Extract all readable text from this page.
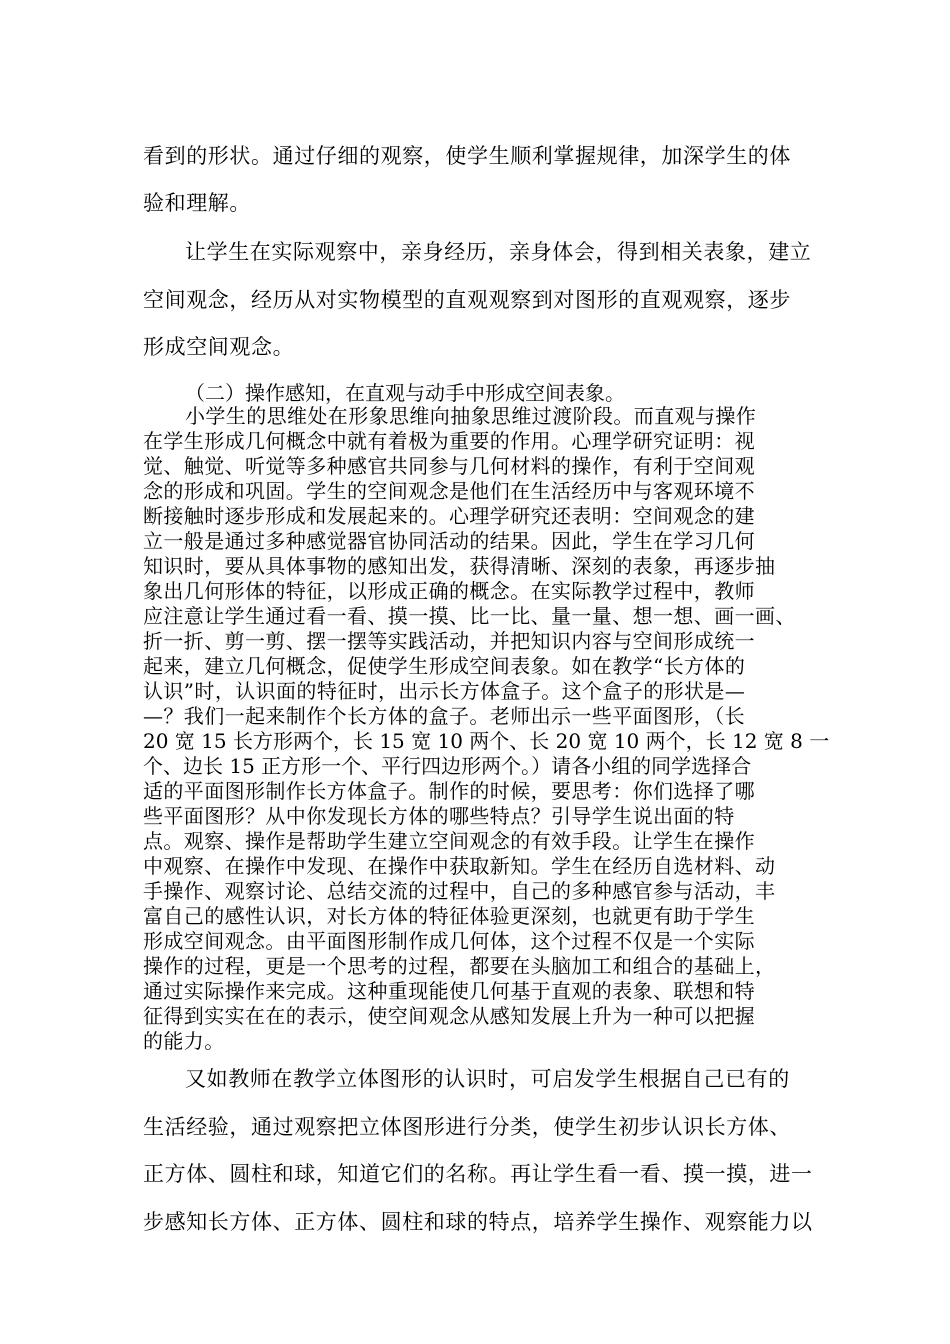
看到的形状。通过仔细的观察，使学生顺利掌握规律，加深学生的体
验和理解。
让学生在实际观察中，亲身经历，亲身体会，得到相关表象，建立
空间观念，经历从对实物模型的直观观察到对图形的直观观察，逐步
形成空间观念。
（二）操作感知，在直观与动手中形成空间表象。
小学生的思维处在形象思维向抽象思维过渡阶段。而直观与操作
在学生形成几何概念中就有着极为重要的作用。心理学研究证明：视
觉、触觉、听觉等多种感官共同参与几何材料的操作，有利于空间观
念的形成和巩固。学生的空间观念是他们在生活经历中与客观环境不
断接触时逐步形成和发展起来的。心理学研究还表明：空间观念的建
立一般是通过多种感觉器官协同活动的结果。因此，学生在学习几何
知识时，要从具体事物的感知出发，获得清晰、深刻的表象，再逐步抽
象出几何形体的特征，以形成正确的概念。在实际教学过程中，教师
应注意让学生通过看一看、摸一摸、比一比、量一量、想一想、画一画、
折一折、剪一剪、摆一摆等实践活动，并把知识内容与空间形成统一
起来，建立几何概念，促使学生形成空间表象。如在教学“长方体的
认识”时，认识面的特征时，出示长方体盒子。这个盒子的形状是—
—？我们一起来制作个长方体的盒子。老师出示一些平面图形，（长
20 宽 15 长方形两个，长 15 宽 10 两个、长 20 宽 10 两个，长 12 宽 8 一
个、边长 15 正方形一个、平行四边形两个。）请各小组的同学选择合
适的平面图形制作长方体盒子。制作的时候，要思考：你们选择了哪
些平面图形？从中你发现长方体的哪些特点？引导学生说出面的特
点。观察、操作是帮助学生建立空间观念的有效手段。让学生在操作
中观察、在操作中发现、在操作中获取新知。学生在经历自选材料、动
手操作、观察讨论、总结交流的过程中，自己的多种感官参与活动，丰
富自己的感性认识，对长方体的特征体验更深刻，也就更有助于学生
形成空间观念。由平面图形制作成几何体，这个过程不仅是一个实际
操作的过程，更是一个思考的过程，都要在头脑加工和组合的基础上，
通过实际操作来完成。这种重现能使几何基于直观的表象、联想和特
征得到实实在在的表示，使空间观念从感知发展上升为一种可以把握
的能力。
又如教师在教学立体图形的认识时，可启发学生根据自己已有的
生活经验，通过观察把立体图形进行分类，使学生初步认识长方体、
正方体、圆柱和球，知道它们的名称。再让学生看一看、摸一摸，进一
步感知长方体、正方体、圆柱和球的特点，培养学生操作、观察能力以
